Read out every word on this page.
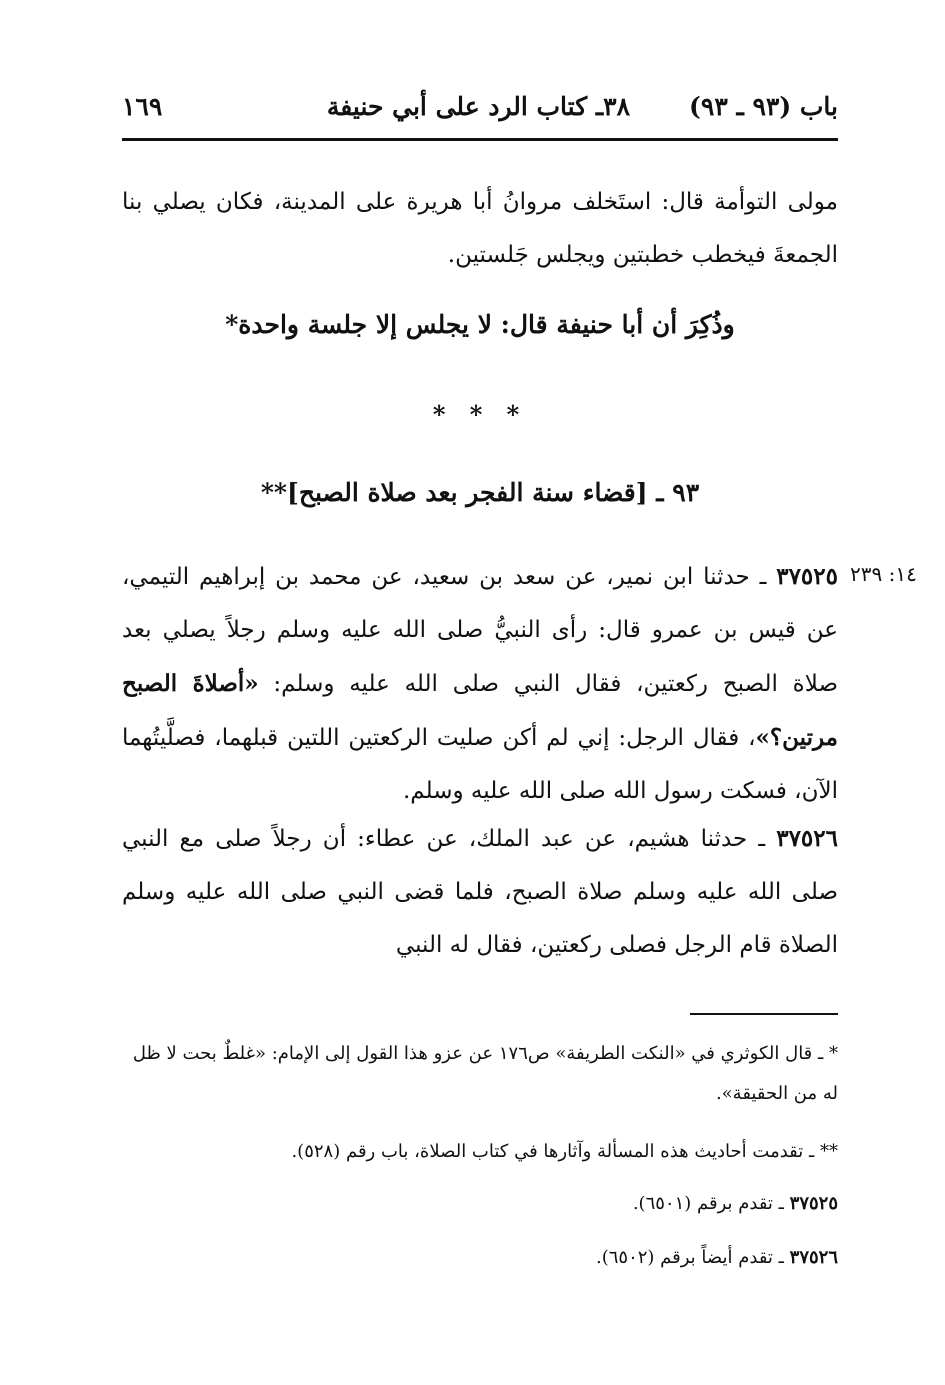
باب (٩٣ ـ ٩٣)
٣٨ـ كتاب الرد على أبي حنيفة
١٦٩
مولى التوأمة قال: استَخلف مروانُ أبا هريرة على المدينة، فكان يصلي بنا الجمعةَ فيخطب خطبتين ويجلس جَلستين.
وذُكِرَ أن أبا حنيفة قال: لا يجلس إلا جلسة واحدة*
* * *
٩٣ ـ [قضاء سنة الفجر بعد صلاة الصبح]**
١٤: ٢٣٩
٣٧٥٢٥ ـ حدثنا ابن نمير، عن سعد بن سعيد، عن محمد بن إبراهيم التيمي، عن قيس بن عمرو قال: رأى النبيُّ صلى الله عليه وسلم رجلاً يصلي بعد صلاة الصبح ركعتين، فقال النبي صلى الله عليه وسلم: «أصلاةَ الصبح مرتين؟»، فقال الرجل: إني لم أكن صليت الركعتين اللتين قبلهما، فصلَّيتُهما الآن، فسكت رسول الله صلى الله عليه وسلم.
٣٧٥٢٦ ـ حدثنا هشيم، عن عبد الملك، عن عطاء: أن رجلاً صلى مع النبي صلى الله عليه وسلم صلاة الصبح، فلما قضى النبي صلى الله عليه وسلم الصلاة قام الرجل فصلى ركعتين، فقال له النبي
* ـ قال الكوثري في «النكت الطريفة» ص١٧٦ عن عزو هذا القول إلى الإمام: «غلطٌ بحت لا ظل له من الحقيقة».
** ـ تقدمت أحاديث هذه المسألة وآثارها في كتاب الصلاة، باب رقم (٥٢٨).
٣٧٥٢٥ ـ تقدم برقم (٦٥٠١).
٣٧٥٢٦ ـ تقدم أيضاً برقم (٦٥٠٢).
